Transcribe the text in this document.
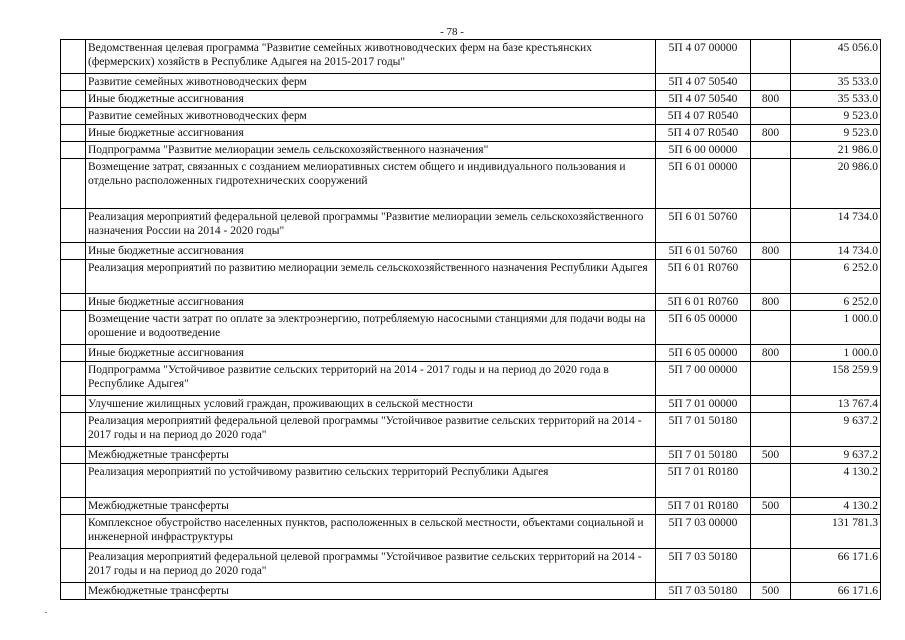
- 78 -
	Ведомственная целевая программа "Развитие семейных животноводческих ферм на базе крестьянских (фермерских) хозяйств в Республике Адыгея на 2015-2017 годы"	5П 4 07 00000		45 056.0
	Развитие семейных животноводческих ферм	5П 4 07 50540		35 533.0
	Иные бюджетные ассигнования	5П 4 07 50540	800	35 533.0
	Развитие семейных животноводческих ферм	5П 4 07 R0540		9 523.0
	Иные бюджетные ассигнования	5П 4 07 R0540	800	9 523.0
	Подпрограмма "Развитие мелиорации земель сельскохозяйственного назначения"	5П 6 00 00000		21 986.0
	Возмещение затрат, связанных с созданием мелиоративных систем общего и индивидуального пользования и отдельно расположенных гидротехнических сооружений	5П 6 01 00000		20 986.0
	Реализация мероприятий федеральной целевой программы "Развитие мелиорации земель сельскохозяйственного назначения России на 2014 - 2020 годы"	5П 6 01 50760		14 734.0
	Иные бюджетные ассигнования	5П 6 01 50760	800	14 734.0
	Реализация мероприятий по развитию мелиорации земель сельскохозяйственного назначения Республики Адыгея	5П 6 01 R0760		6 252.0
	Иные бюджетные ассигнования	5П 6 01 R0760	800	6 252.0
	Возмещение части затрат по оплате за электроэнергию, потребляемую насосными станциями для подачи воды на орошение и водоотведение	5П 6 05 00000		1 000.0
	Иные бюджетные ассигнования	5П 6 05 00000	800	1 000.0
	Подпрограмма "Устойчивое развитие сельских территорий на 2014 - 2017 годы и на период до 2020 года в Республике Адыгея"	5П 7 00 00000		158 259.9
	Улучшение жилищных условий граждан, проживающих в сельской местности	5П 7 01 00000		13 767.4
	Реализация мероприятий федеральной целевой программы "Устойчивое развитие сельских территорий на 2014 - 2017 годы и на период до 2020 года"	5П 7 01 50180		9 637.2
	Межбюджетные трансферты	5П 7 01 50180	500	9 637.2
	Реализация мероприятий по устойчивому развитию сельских территорий Республики Адыгея	5П 7 01 R0180		4 130.2
	Межбюджетные трансферты	5П 7 01 R0180	500	4 130.2
	Комплексное обустройство населенных пунктов, расположенных в сельской местности, объектами социальной и инженерной инфраструктуры	5П 7 03 00000		131 781.3
	Реализация мероприятий федеральной целевой программы "Устойчивое развитие сельских территорий на 2014 - 2017 годы и на период до 2020 года"	5П 7 03 50180		66 171.6
	Межбюджетные трансферты	5П 7 03 50180	500	66 171.6
